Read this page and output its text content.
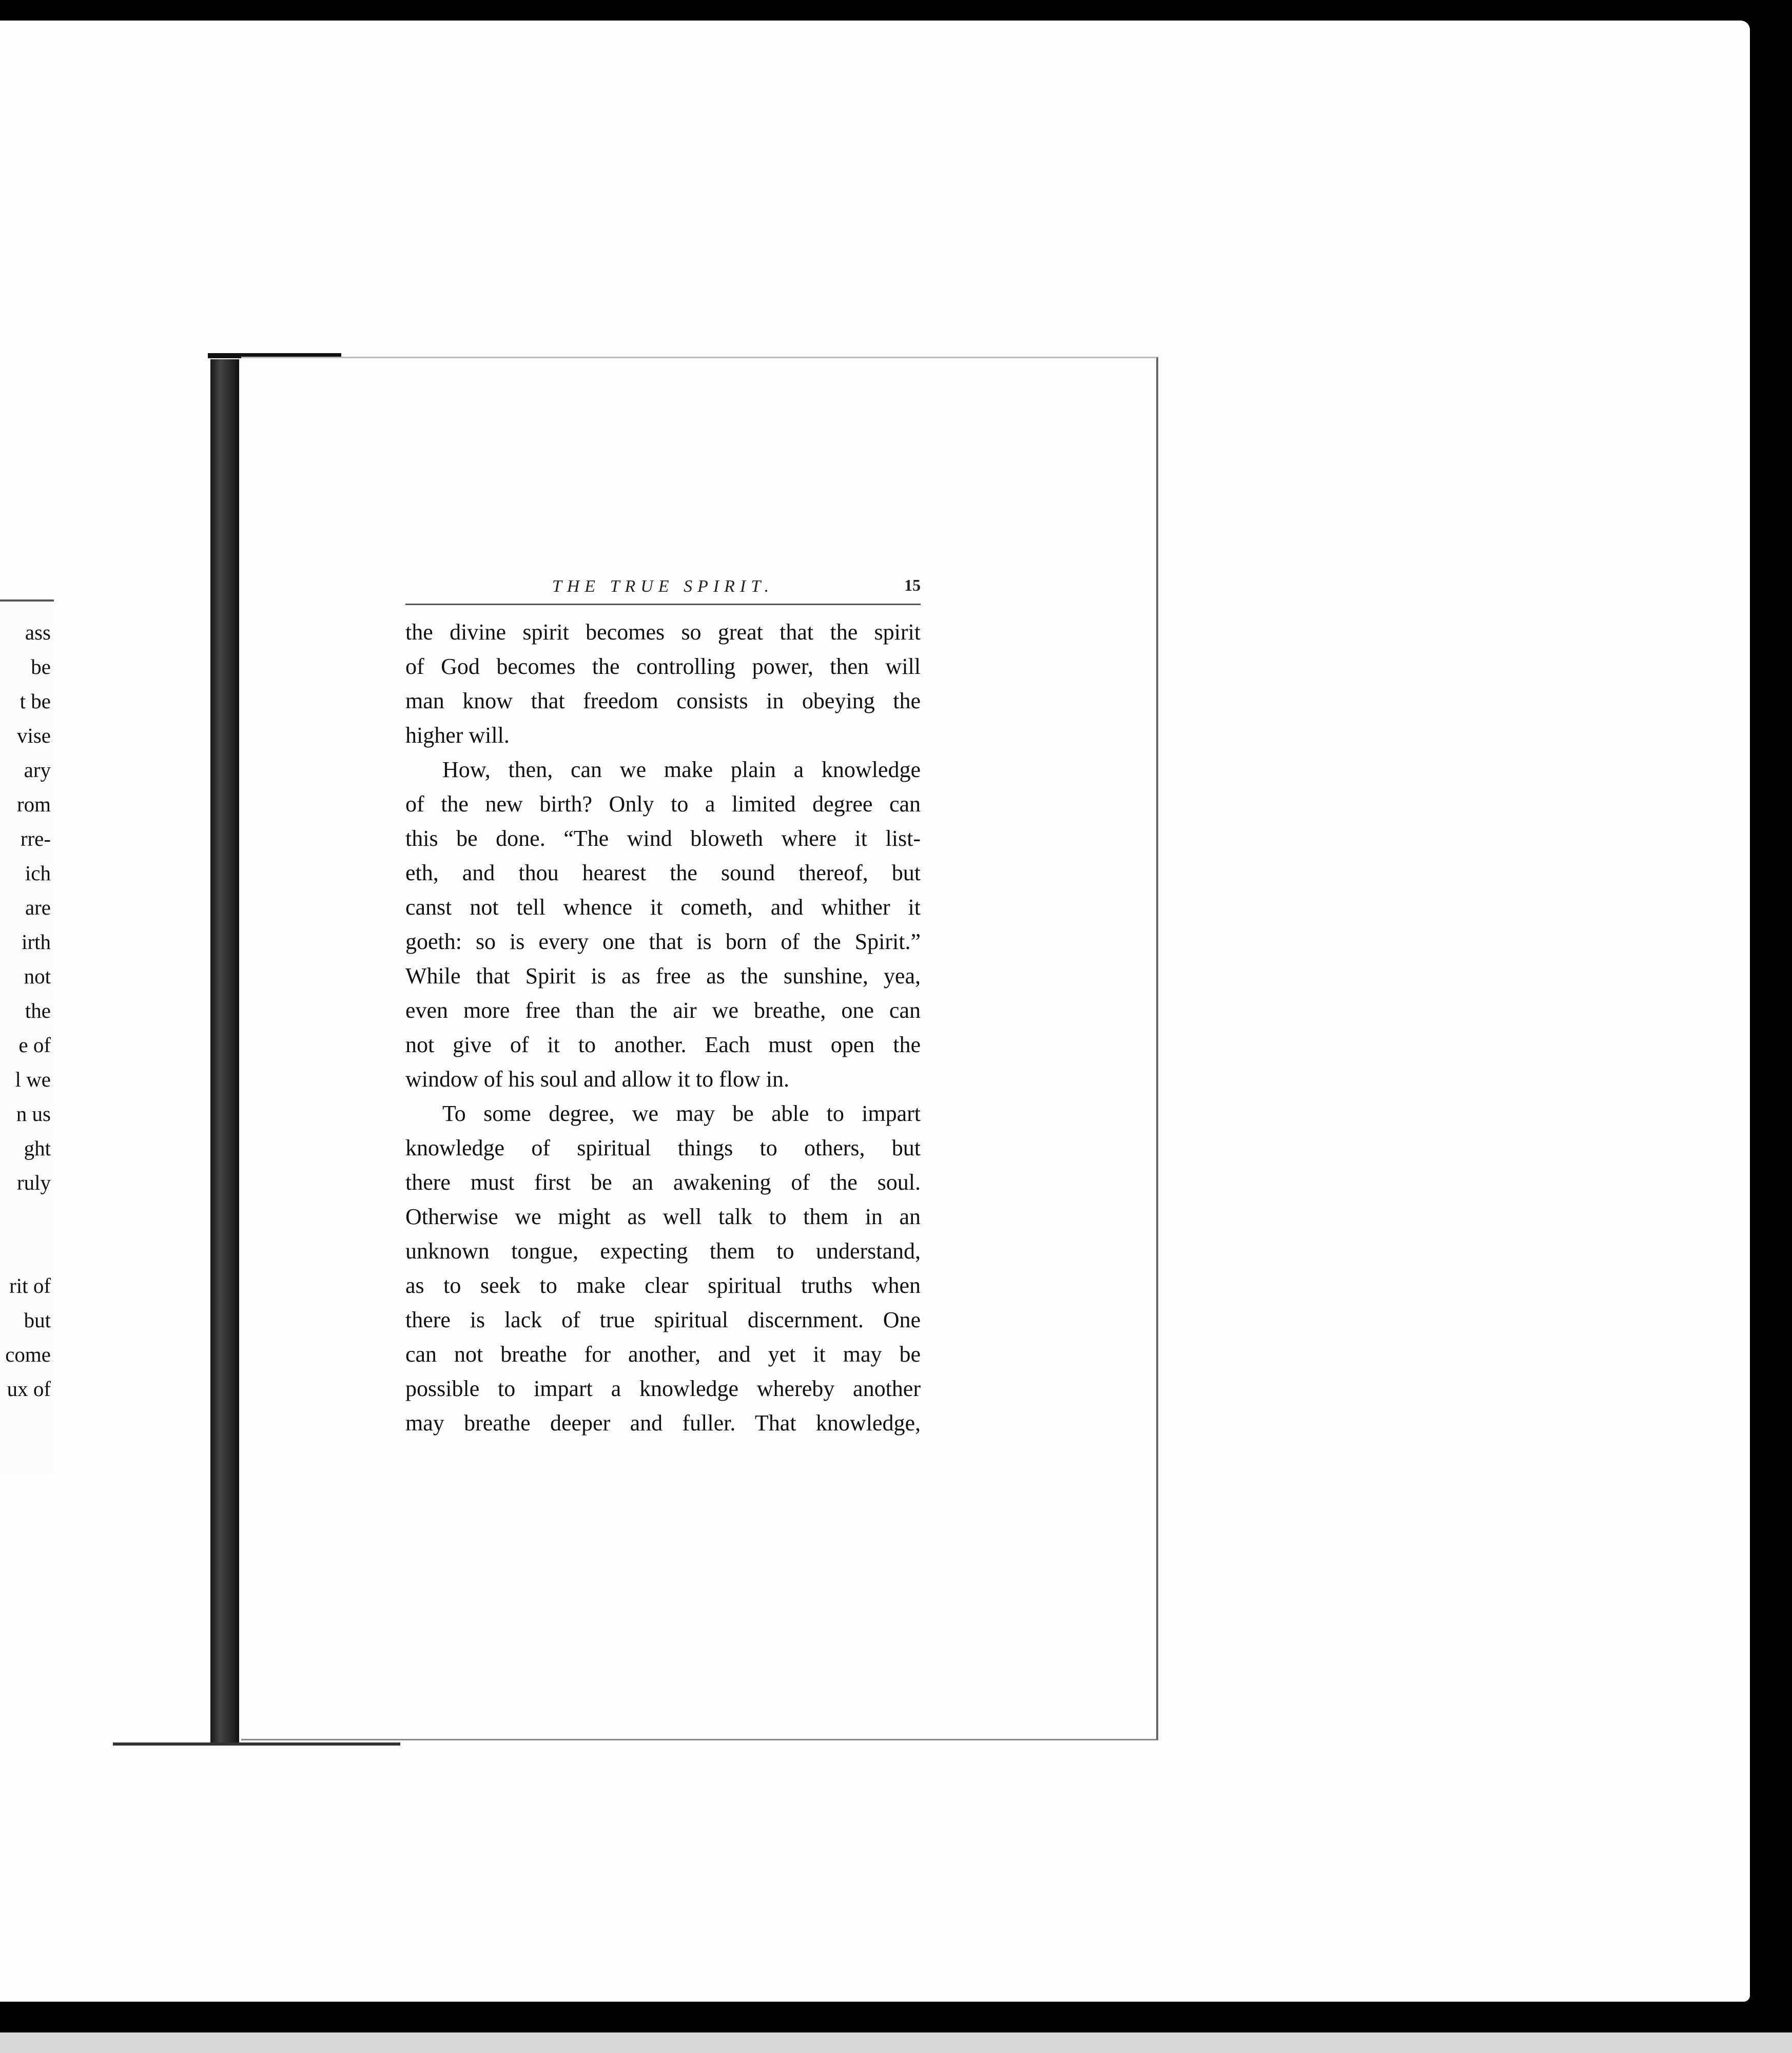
ass
be
t be
vise
ary
rom
rre-
ich
are
irth
not
the
e of
l we
n us
ght
ruly
rit of
but
come
ux of
THE TRUE SPIRIT.	15
the divine spirit becomes so great that the spirit
of God becomes the controlling power, then will
man know that freedom consists in obeying the
higher will.
How, then, can we make plain a knowledge
of the new birth? Only to a limited degree can
this be done. “The wind bloweth where it list-
eth, and thou hearest the sound thereof, but
canst not tell whence it cometh, and whither it
goeth: so is every one that is born of the Spirit.”
While that Spirit is as free as the sunshine, yea,
even more free than the air we breathe, one can
not give of it to another. Each must open the
window of his soul and allow it to flow in.
To some degree, we may be able to impart
knowledge of spiritual things to others, but
there must first be an awakening of the soul.
Otherwise we might as well talk to them in an
unknown tongue, expecting them to understand,
as to seek to make clear spiritual truths when
there is lack of true spiritual discernment. One
can not breathe for another, and yet it may be
possible to impart a knowledge whereby another
may breathe deeper and fuller. That knowledge,
